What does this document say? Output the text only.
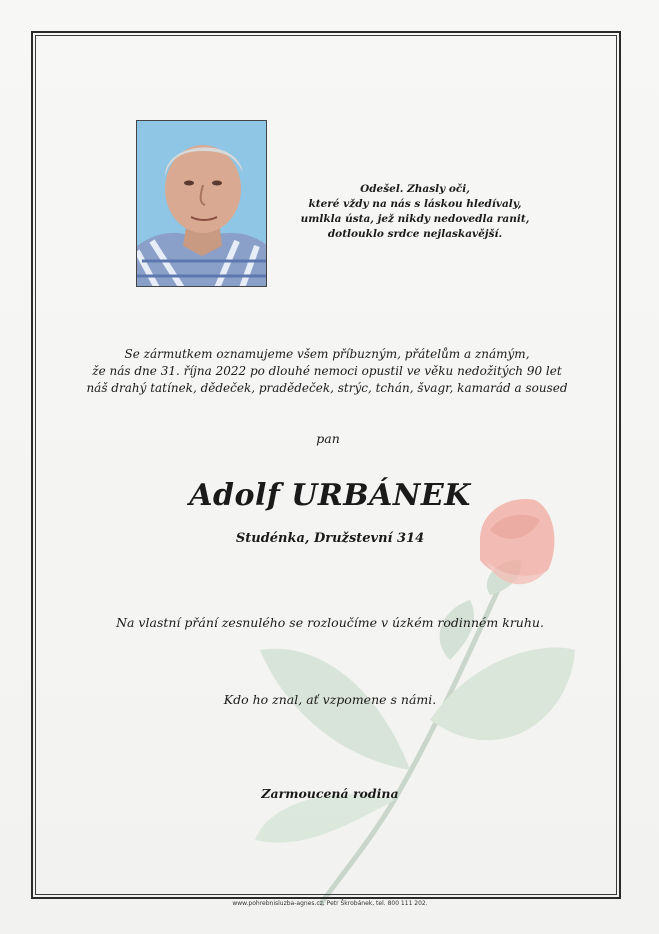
Odešel. Zhasly oči,
které vždy na nás s láskou hledívaly,
umlkla ústa, jež nikdy nedovedla ranit,
dotlouklo srdce nejlaskavější.
Se zármutkem oznamujeme všem příbuzným, přátelům a známým,
že nás dne 31. října 2022 po dlouhé nemoci opustil ve věku nedožitých 90 let
náš drahý tatínek, dědeček, pradědeček, strýc, tchán, švagr, kamarád a soused
pan
Adolf URBÁNEK
Studénka, Družstevní 314
Na vlastní přání zesnulého se rozloučíme v úzkém rodinném kruhu.
Kdo ho znal, ať vzpomene s námi.
Zarmoucená rodina
www.pohrebnisluzba-agnes.cz, Petr Škrobánek, tel. 800 111 202.
